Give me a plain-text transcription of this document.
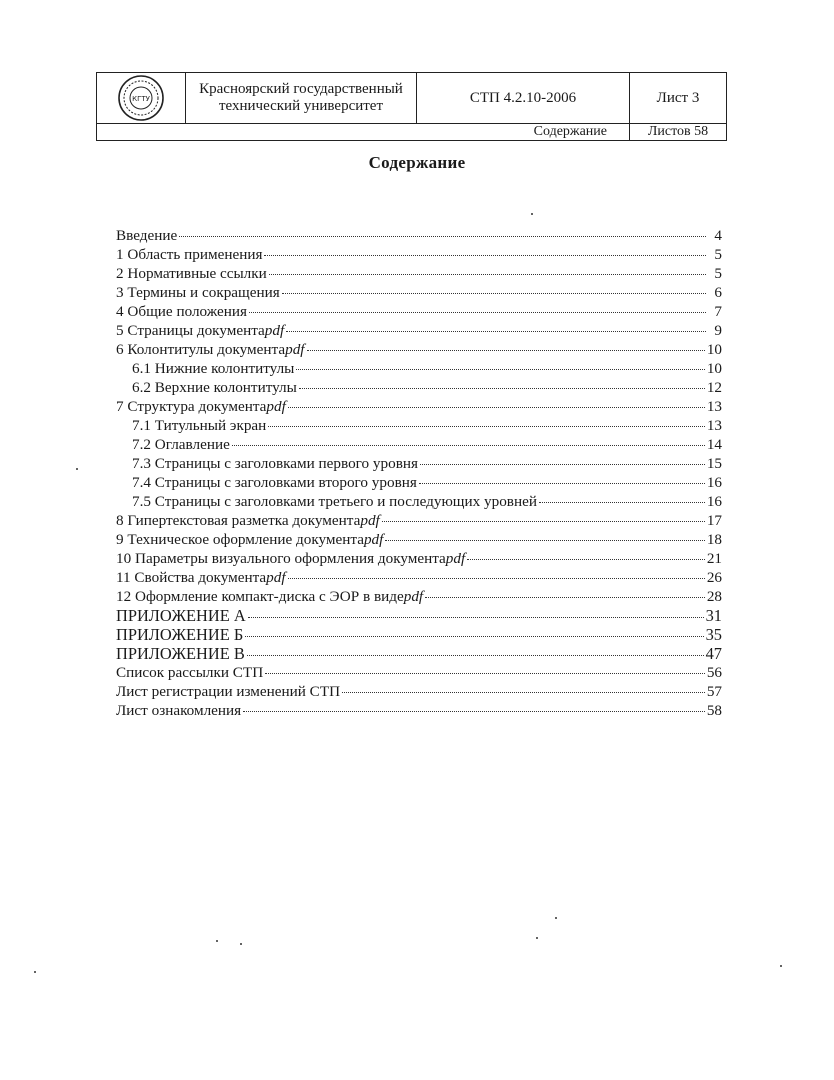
КГТУ	Красноярский государственный
технический университет	СТП 4.2.10-2006	Лист 3
Содержание			Листов 58
Содержание
Введение	4
1 Область применения	5
2 Нормативные ссылки	5
3 Термины и сокращения	6
4 Общие положения	7
5 Страницы документа pdf	9
6 Колонтитулы документа pdf	10
6.1 Нижние колонтитулы	10
6.2 Верхние колонтитулы	12
7 Структура документа pdf	13
7.1 Титульный экран	13
7.2 Оглавление	14
7.3 Страницы с заголовками первого уровня	15
7.4 Страницы с заголовками второго уровня	16
7.5 Страницы с заголовками третьего и последующих уровней	16
8 Гипертекстовая разметка документа pdf	17
9 Техническое оформление документа pdf	18
10 Параметры визуального оформления документа pdf	21
11 Свойства документа pdf	26
12 Оформление компакт-диска с ЭОР в виде pdf	28
ПРИЛОЖЕНИЕ А	31
ПРИЛОЖЕНИЕ Б	35
ПРИЛОЖЕНИЕ В	47
Список рассылки СТП	56
Лист регистрации изменений СТП	57
Лист ознакомления	58
